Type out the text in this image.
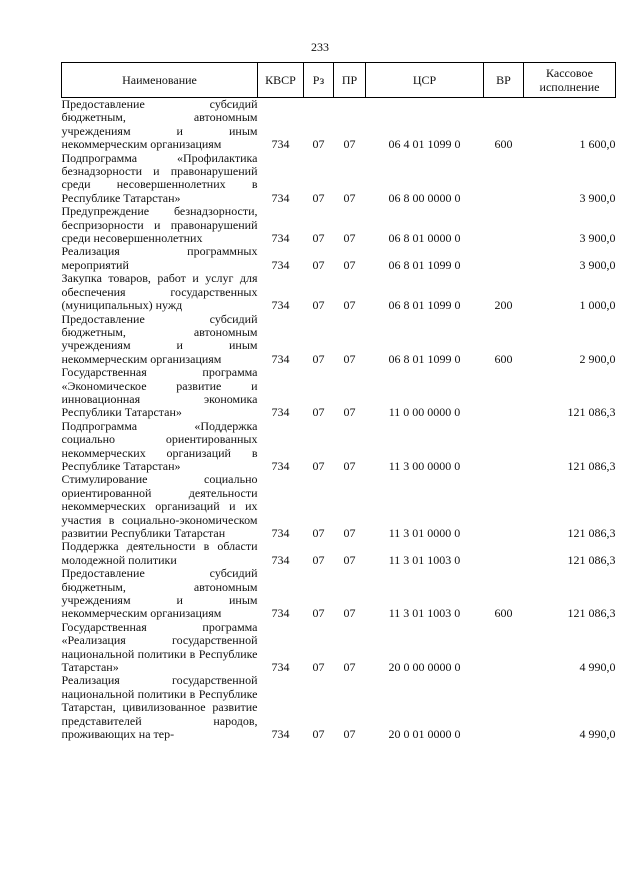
233
Наименование	КВСР	Рз	ПР	ЦСР	ВР	Кассовое исполнение
Предоставление субсидий бюджетным, автономным учреждениям и иным некоммерческим организациям	734	07	07	06 4 01 1099 0	600	1 600,0
Подпрограмма «Профилактика безнадзорности и правонарушений среди несовершеннолетних в Республике Татарстан»	734	07	07	06 8 00 0000 0		3 900,0
Предупреждение безнадзорности, беспризорности и правонарушений среди несовершеннолетних	734	07	07	06 8 01 0000 0		3 900,0
Реализация программных мероприятий	734	07	07	06 8 01 1099 0		3 900,0
Закупка товаров, работ и услуг для обеспечения государственных (муниципальных) нужд	734	07	07	06 8 01 1099 0	200	1 000,0
Предоставление субсидий бюджетным, автономным учреждениям и иным некоммерческим организациям	734	07	07	06 8 01 1099 0	600	2 900,0
Государственная программа «Экономическое развитие и инновационная экономика Республики Татарстан»	734	07	07	11 0 00 0000 0		121 086,3
Подпрограмма «Поддержка социально ориентированных некоммерческих организаций в Республике Татарстан»	734	07	07	11 3 00 0000 0		121 086,3
Стимулирование социально ориентированной деятельности некоммерческих организаций и их участия в социально-экономическом развитии Республики Татарстан	734	07	07	11 3 01 0000 0		121 086,3
Поддержка деятельности в области молодежной политики	734	07	07	11 3 01 1003 0		121 086,3
Предоставление субсидий бюджетным, автономным учреждениям и иным некоммерческим организациям	734	07	07	11 3 01 1003 0	600	121 086,3
Государственная программа «Реализация государственной национальной политики в Республике Татарстан»	734	07	07	20 0 00 0000 0		4 990,0
Реализация государственной национальной политики в Республике Татарстан, цивилизованное развитие представителей народов, проживающих на тер-	734	07	07	20 0 01 0000 0		4 990,0
